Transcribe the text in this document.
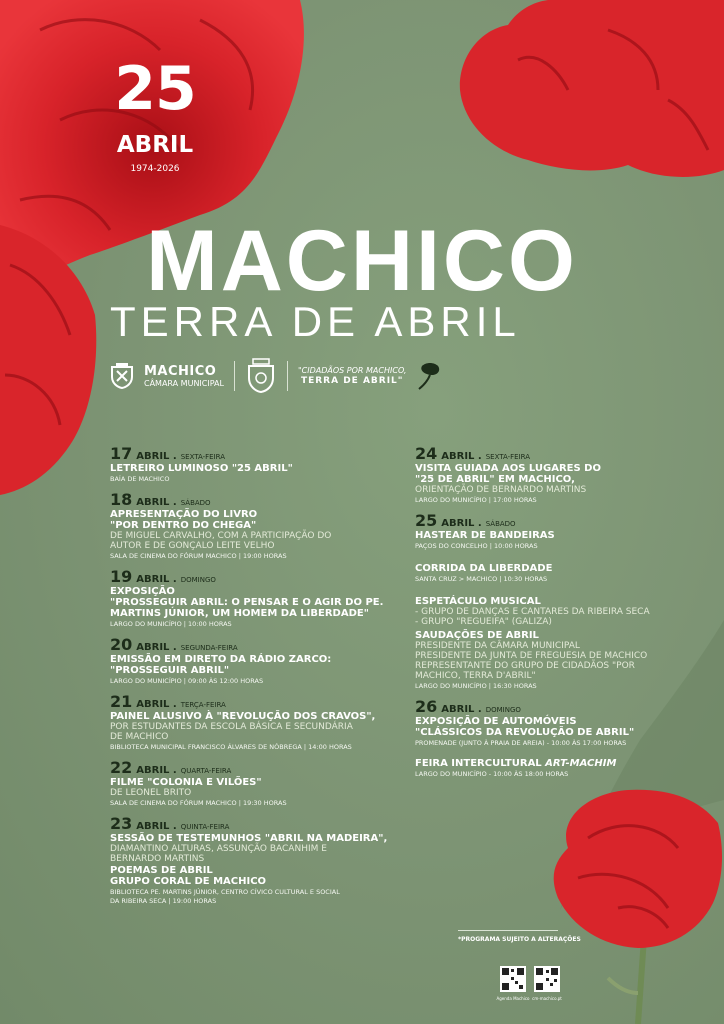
25
ABRIL
1974-2026
MACHICO
TERRA DE ABRIL
MACHICO
CÂMARA MUNICIPAL
"CIDADÃOS POR MACHICO,
TERRA DE ABRIL"
17 ABRIL . SEXTA-FEIRA
LETREIRO LUMINOSO "25 ABRIL"
BAÍA DE MACHICO
18 ABRIL . SÁBADO
APRESENTAÇÃO DO LIVRO
"POR DENTRO DO CHEGA"
DE MIGUEL CARVALHO, COM A PARTICIPAÇÃO DO
AUTOR E DE GONÇALO LEITE VELHO
SALA DE CINEMA DO FÓRUM MACHICO | 19:00 HORAS
19 ABRIL . DOMINGO
EXPOSIÇÃO
"PROSSEGUIR ABRIL: O PENSAR E O AGIR DO PE.
MARTINS JÚNIOR, UM HOMEM DA LIBERDADE"
LARGO DO MUNICÍPIO | 10:00 HORAS
20 ABRIL . SEGUNDA-FEIRA
EMISSÃO EM DIRETO DA RÁDIO ZARCO:
"PROSSEGUIR ABRIL"
LARGO DO MUNICÍPIO | 09:00 ÀS 12:00 HORAS
21 ABRIL . TERÇA-FEIRA
PAINEL ALUSIVO À "REVOLUÇÃO DOS CRAVOS",
POR ESTUDANTES DA ESCOLA BÁSICA E SECUNDÁRIA
DE MACHICO
BIBLIOTECA MUNICIPAL FRANCISCO ÁLVARES DE NÓBREGA | 14:00 HORAS
22 ABRIL . QUARTA-FEIRA
FILME "COLONIA E VILÕES"
DE LEONEL BRITO
SALA DE CINEMA DO FÓRUM MACHICO | 19:30 HORAS
23 ABRIL . QUINTA-FEIRA
SESSÃO DE TESTEMUNHOS "ABRIL NA MADEIRA",
DIAMANTINO ALTURAS, ASSUNÇÃO BACANHIM E
BERNARDO MARTINS
POEMAS DE ABRIL
GRUPO CORAL DE MACHICO
BIBLIOTECA PE. MARTINS JÚNIOR, CENTRO CÍVICO CULTURAL E SOCIAL
DA RIBEIRA SECA | 19:00 HORAS
24 ABRIL . SEXTA-FEIRA
VISITA GUIADA AOS LUGARES DO
"25 DE ABRIL" EM MACHICO,
ORIENTAÇÃO DE BERNARDO MARTINS
LARGO DO MUNICÍPIO | 17:00 HORAS
25 ABRIL . SÁBADO
HASTEAR DE BANDEIRAS
PAÇOS DO CONCELHO | 10:00 HORAS
CORRIDA DA LIBERDADE
SANTA CRUZ > MACHICO | 10:30 HORAS
ESPETÁCULO MUSICAL
- GRUPO DE DANÇAS E CANTARES DA RIBEIRA SECA
- GRUPO "REGUEIFA" (GALIZA)
SAUDAÇÕES DE ABRIL
PRESIDENTE DA CÂMARA MUNICIPAL
PRESIDENTE DA JUNTA DE FREGUESIA DE MACHICO
REPRESENTANTE DO GRUPO DE CIDADÃOS "POR
MACHICO, TERRA D'ABRIL"
LARGO DO MUNICÍPIO | 16:30 HORAS
26 ABRIL . DOMINGO
EXPOSIÇÃO DE AUTOMÓVEIS
"CLÁSSICOS DA REVOLUÇÃO DE ABRIL"
PROMENADE (JUNTO À PRAIA DE AREIA) - 10:00 ÀS 17:00 HORAS
FEIRA INTERCULTURAL ART-MACHIM
LARGO DO MUNICÍPIO - 10:00 ÀS 18:00 HORAS
*PROGRAMA SUJEITO A ALTERAÇÕES
Agenda Machico cm-machico.pt
